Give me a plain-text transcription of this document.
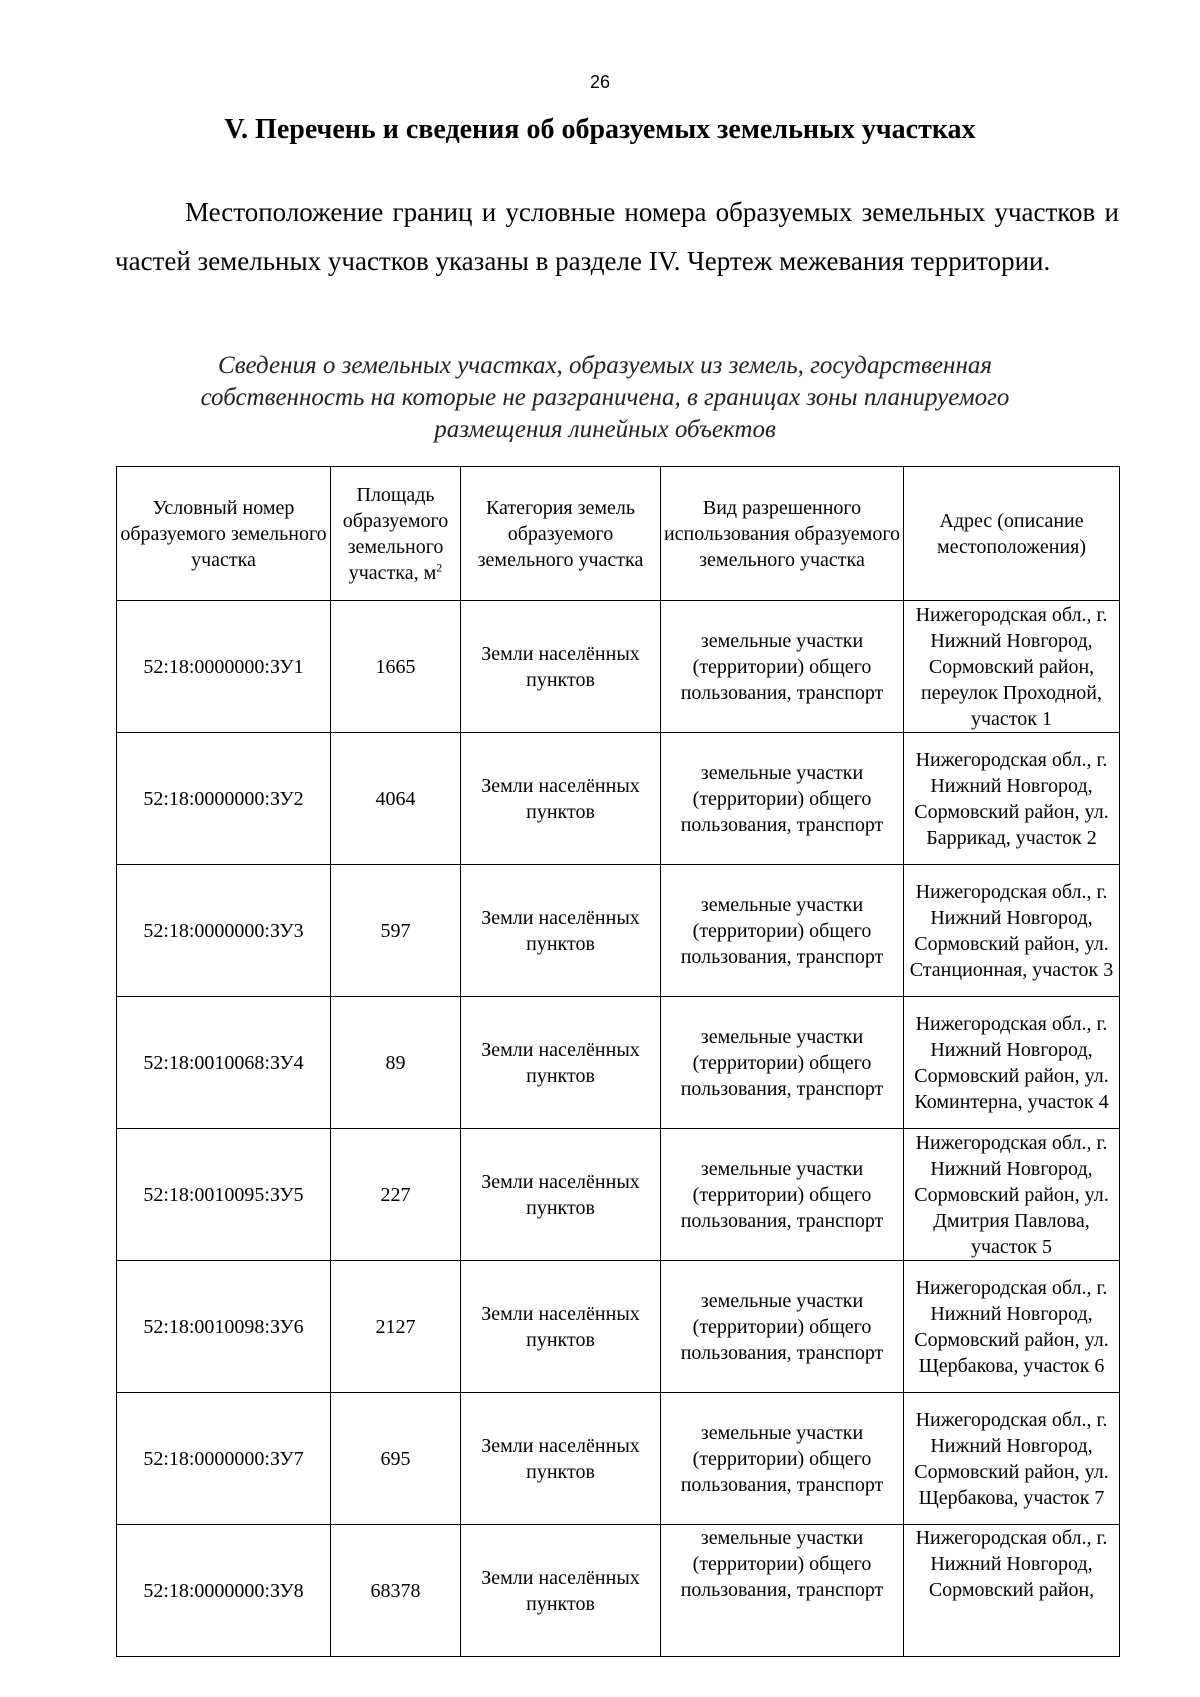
26
V. Перечень и сведения об образуемых земельных участках

Местоположение границ и условные номера образуемых земельных участков и частей земельных участков указаны в разделе IV. Чертеж межевания территории.

Сведения о земельных участках, образуемых из земель, государственная собственность на которые не разграничена, в границах зоны планируемого размещения линейных объектов

Условный номер образуемого земельного участка	Площадь образуемого земельного участка, $м^2$	Категория земель образуемого земельного участка	Вид разрешенного использования образуемого земельного участка	Адрес (описание местоположения)
52:18:0000000:ЗУ1	1665	Земли населённых пунктов	земельные участки (территории) общего пользования, транспорт	Нижегородская обл., г. Нижний Новгород, Сормовский район, переулок Проходной, участок 1
52:18:0000000:ЗУ2	4064	Земли населённых пунктов	земельные участки (территории) общего пользования, транспорт	Нижегородская обл., г. Нижний Новгород, Сормовский район, ул. Баррикад, участок 2
52:18:0000000:ЗУ3	597	Земли населённых пунктов	земельные участки (территории) общего пользования, транспорт	Нижегородская обл., г. Нижний Новгород, Сормовский район, ул. Станционная, участок 3
52:18:0010068:ЗУ4	89	Земли населённых пунктов	земельные участки (территории) общего пользования, транспорт	Нижегородская обл., г. Нижний Новгород, Сормовский район, ул. Коминтерна, участок 4
52:18:0010095:ЗУ5	227	Земли населённых пунктов	земельные участки (территории) общего пользования, транспорт	Нижегородская обл., г. Нижний Новгород, Сормовский район, ул. Дмитрия Павлова, участок 5
52:18:0010098:ЗУ6	2127	Земли населённых пунктов	земельные участки (территории) общего пользования, транспорт	Нижегородская обл., г. Нижний Новгород, Сормовский район, ул. Щербакова, участок 6
52:18:0000000:ЗУ7	695	Земли населённых пунктов	земельные участки (территории) общего пользования, транспорт	Нижегородская обл., г. Нижний Новгород, Сормовский район, ул. Щербакова, участок 7
52:18:0000000:ЗУ8	68378	Земли населённых пунктов	земельные участки (территории) общего пользования, транспорт	Нижегородская обл., г. Нижний Новгород, Сормовский район,
